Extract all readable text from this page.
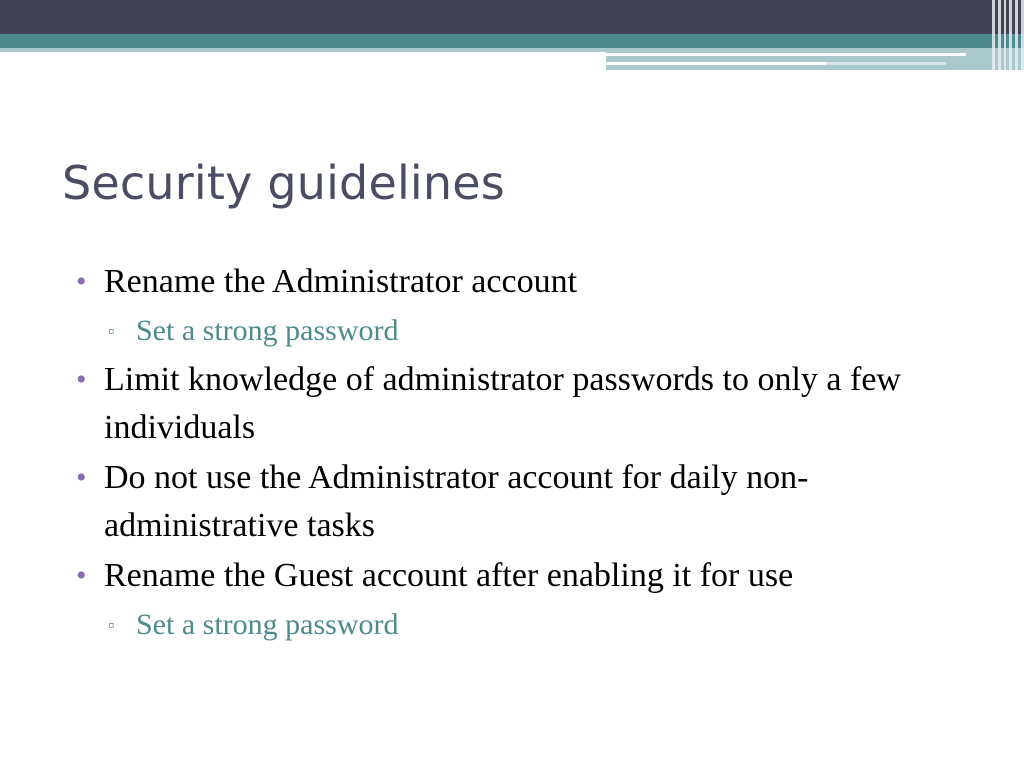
Security guidelines
• Rename the Administrator account
▫ Set a strong password
• Limit knowledge of administrator passwords to only a few individuals
• Do not use the Administrator account for daily non-administrative tasks
• Rename the Guest account after enabling it for use
▫ Set a strong password
